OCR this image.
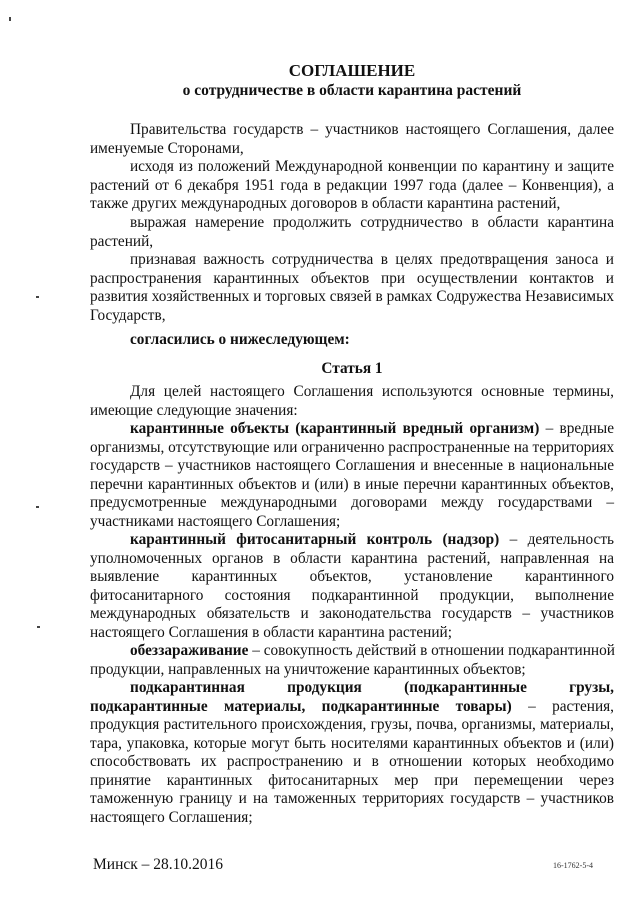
СОГЛАШЕНИЕ
о сотрудничестве в области карантина растений
Правительства государств – участников настоящего Соглашения, далее
именуемые Сторонами,
исходя из положений Международной конвенции по карантину и защите
растений от 6 декабря 1951 года в редакции 1997 года (далее – Конвенция), а
также других международных договоров в области карантина растений,
выражая намерение продолжить сотрудничество в области карантина
растений,
признавая важность сотрудничества в целях предотвращения заноса и
распространения карантинных объектов при осуществлении контактов и
развития хозяйственных и торговых связей в рамках Содружества Независимых
Государств,
согласились о нижеследующем:
Статья 1
Для целей настоящего Соглашения используются основные термины,
имеющие следующие значения:
карантинные объекты (карантинный вредный организм) – вредные
организмы, отсутствующие или ограниченно распространенные на территориях
государств – участников настоящего Соглашения и внесенные в национальные
перечни карантинных объектов и (или) в иные перечни карантинных объектов,
предусмотренные международными договорами между государствами –
участниками настоящего Соглашения;
карантинный фитосанитарный контроль (надзор) – деятельность
уполномоченных органов в области карантина растений, направленная на
выявление карантинных объектов, установление карантинного
фитосанитарного состояния подкарантинной продукции, выполнение
международных обязательств и законодательства государств – участников
настоящего Соглашения в области карантина растений;
обеззараживание – совокупность действий в отношении подкарантинной
продукции, направленных на уничтожение карантинных объектов;
подкарантинная продукция (подкарантинные грузы,
подкарантинные материалы, подкарантинные товары) – растения,
продукция растительного происхождения, грузы, почва, организмы, материалы,
тара, упаковка, которые могут быть носителями карантинных объектов и (или)
способствовать их распространению и в отношении которых необходимо
принятие карантинных фитосанитарных мер при перемещении через
таможенную границу и на таможенных территориях государств – участников
настоящего Соглашения;
Минск – 28.10.2016	16-1762-5-4
